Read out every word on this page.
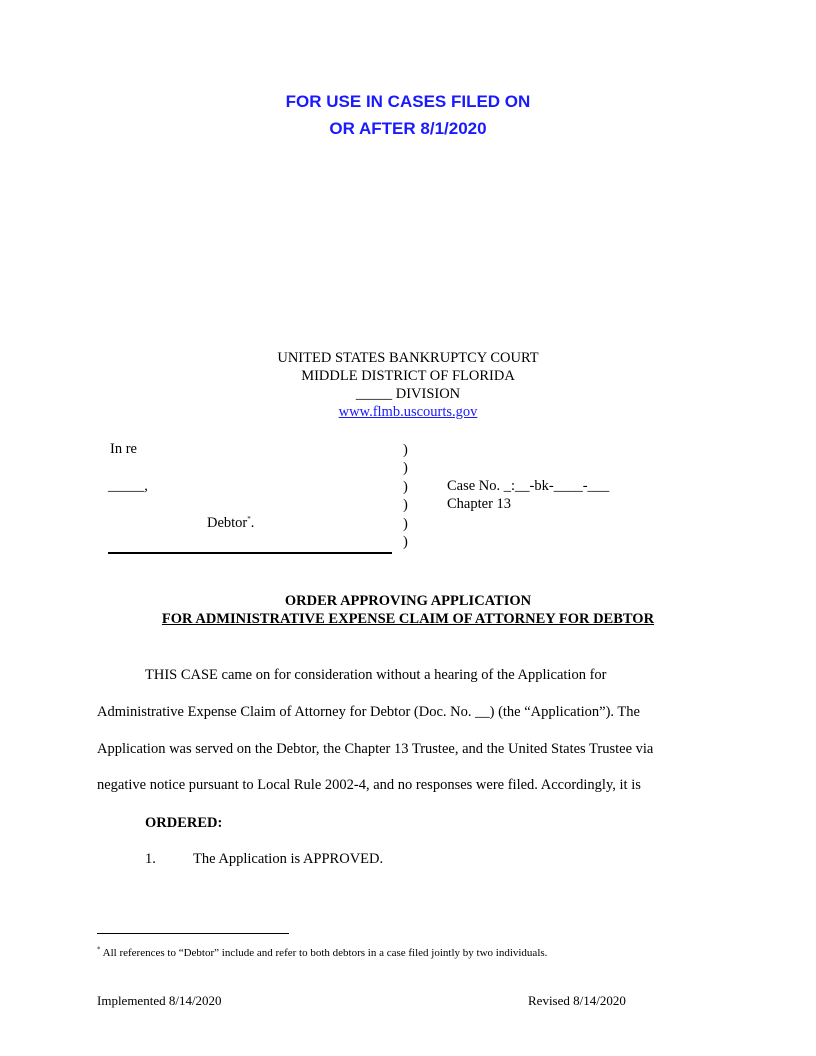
FOR USE IN CASES FILED ON
OR AFTER 8/1/2020
UNITED STATES BANKRUPTCY COURT
MIDDLE DISTRICT OF FLORIDA
_____ DIVISION
www.flmb.uscourts.gov
In re
_____,
Debtor*.
)
)
)
)
)
)
Case No. _:__-bk-____-___
Chapter 13
ORDER APPROVING APPLICATION
FOR ADMINISTRATIVE EXPENSE CLAIM OF ATTORNEY FOR DEBTOR
THIS CASE came on for consideration without a hearing of the Application for
Administrative Expense Claim of Attorney for Debtor (Doc. No. __) (the “Application”). The
Application was served on the Debtor, the Chapter 13 Trustee, and the United States Trustee via
negative notice pursuant to Local Rule 2002-4, and no responses were filed. Accordingly, it is
ORDERED:
1.	The Application is APPROVED.
* All references to “Debtor” include and refer to both debtors in a case filed jointly by two individuals.
Implemented 8/14/2020	Revised 8/14/2020
